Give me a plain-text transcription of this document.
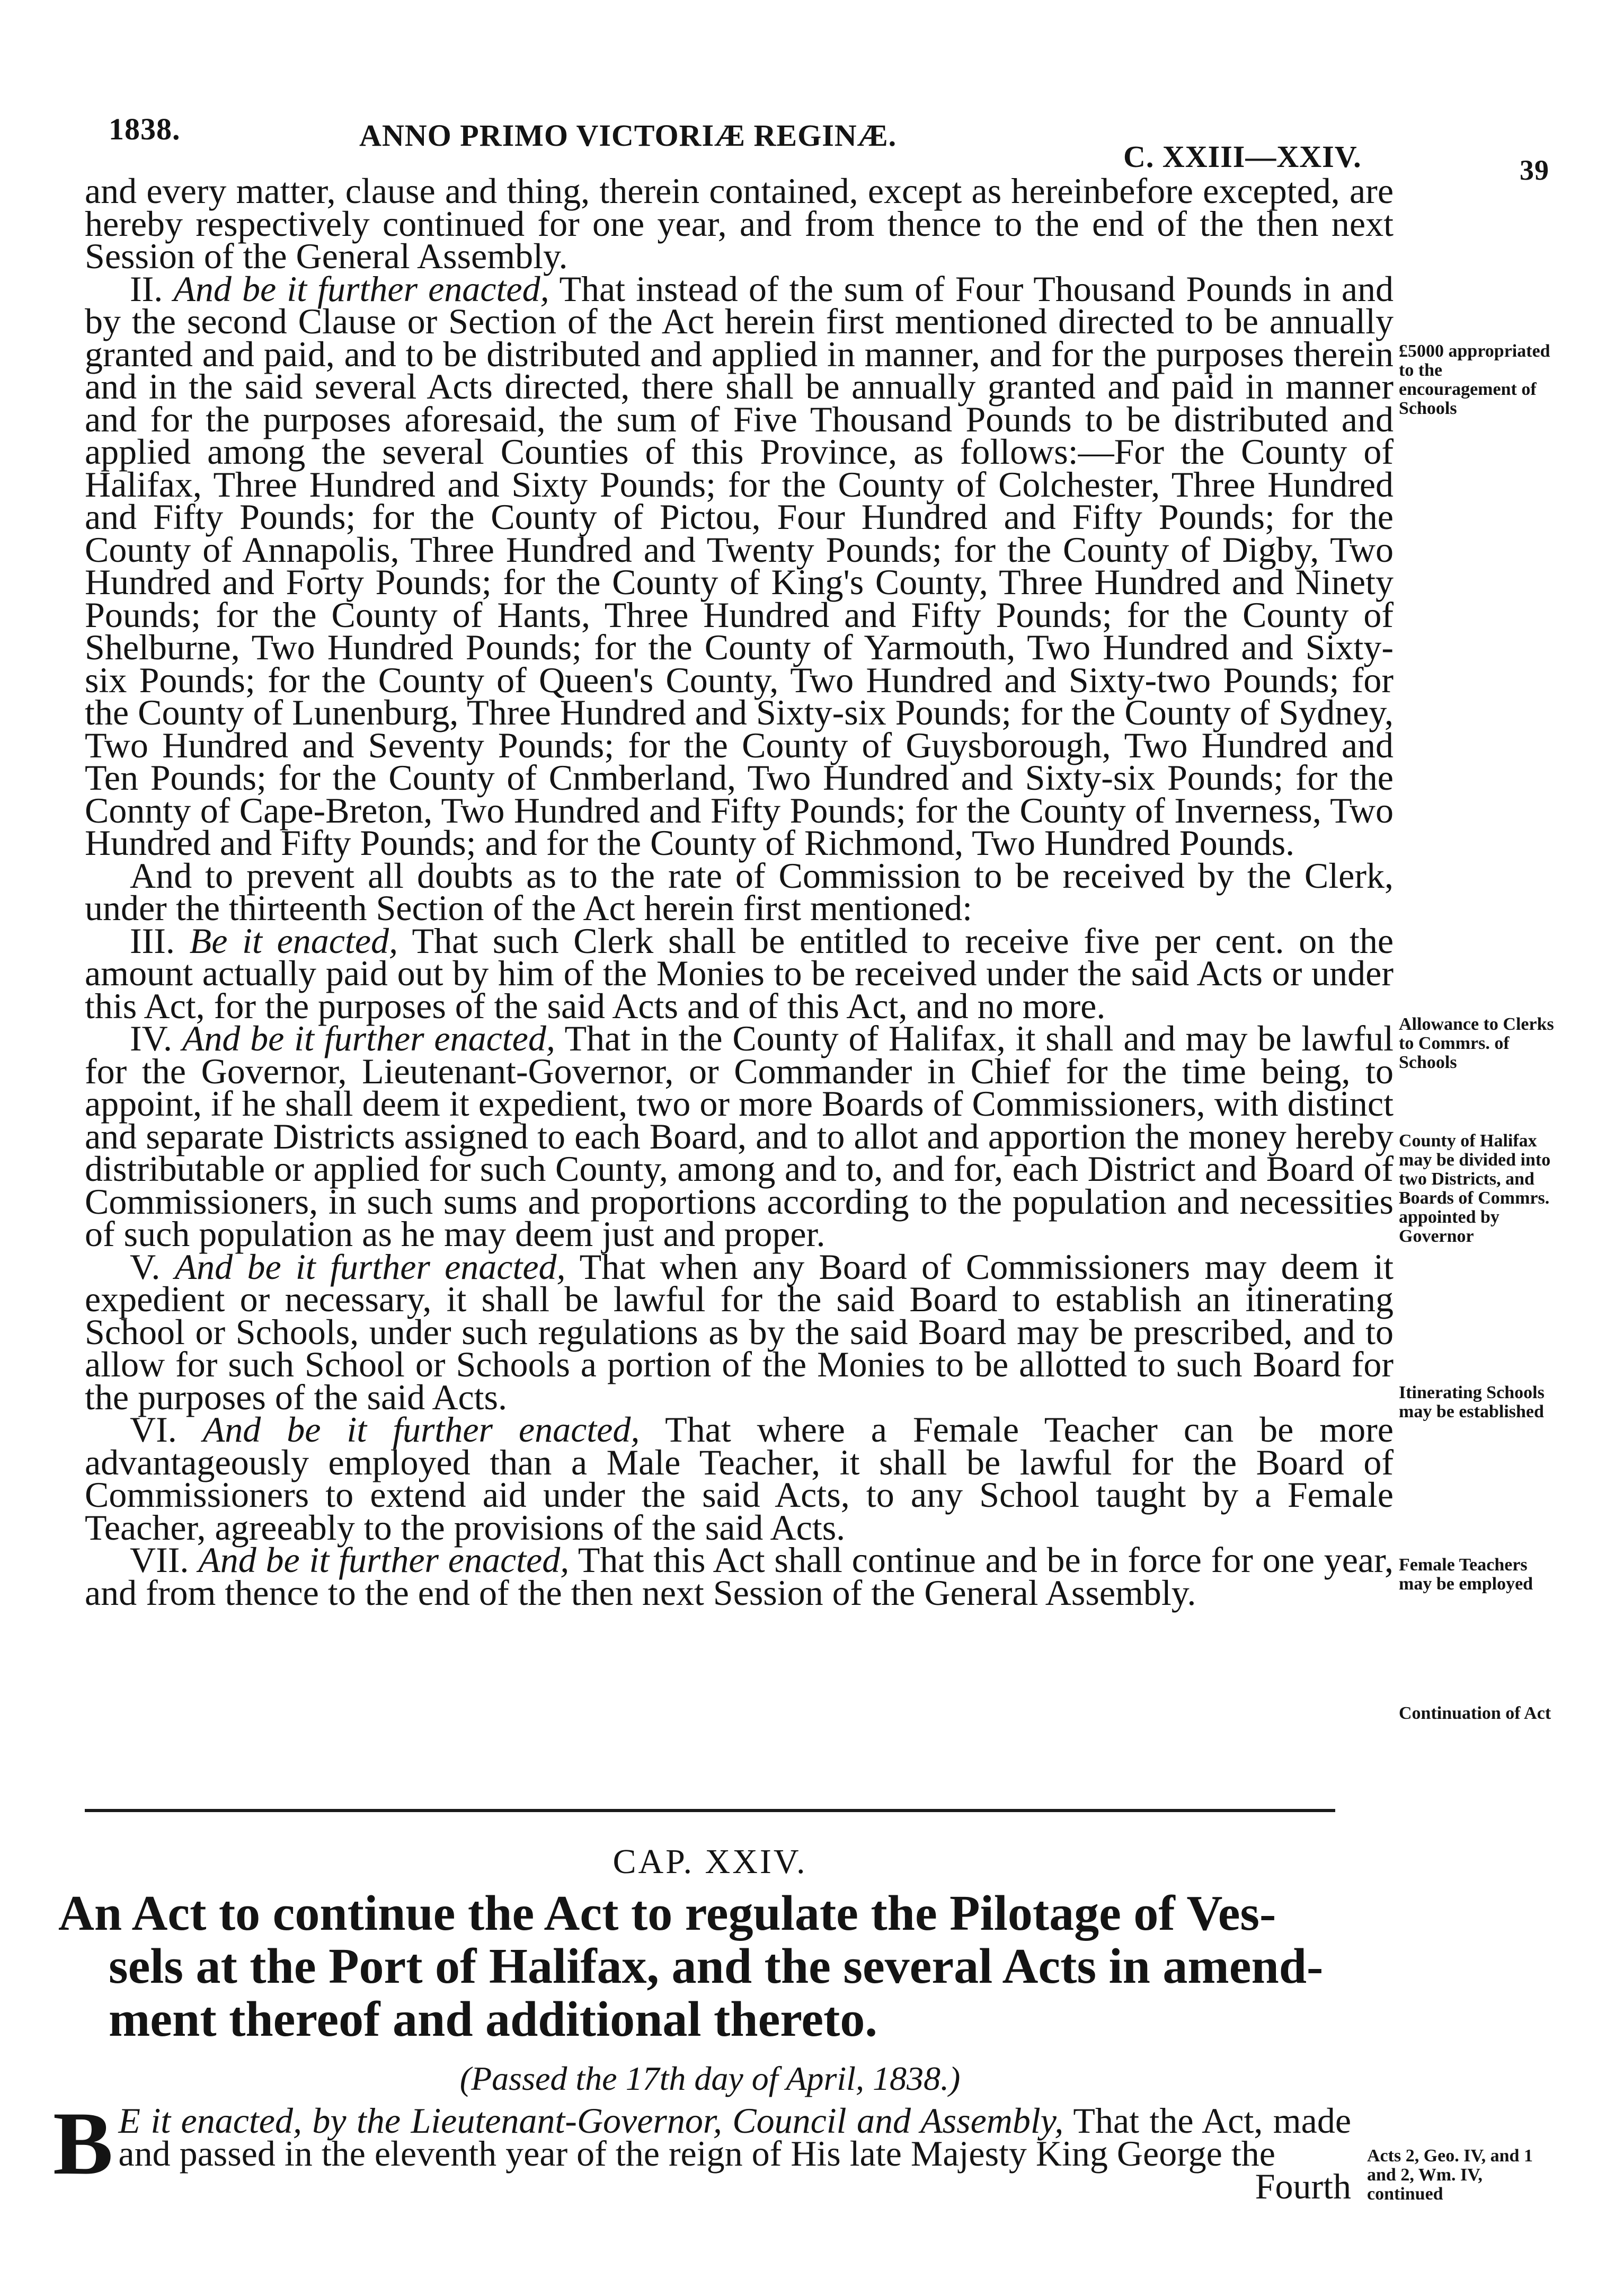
1838.	ANNO PRIMO VICTORIÆ REGINÆ.
C. XXIII—XXIV.	39

and every matter, clause and thing, therein contained, except as hereinbefore excepted, are hereby respectively continued for one year, and from thence to the end of the then next Session of the General Assembly.

II. And be it further enacted, That instead of the sum of Four Thousand Pounds in and by the second Clause or Section of the Act herein first mentioned directed to be annually granted and paid, and to be distributed and applied in manner, and for the purposes therein and in the said several Acts directed, there shall be annually granted and paid in manner and for the purposes aforesaid, the sum of Five Thousand Pounds to be distributed and applied among the several Counties of this Province, as follows:—For the County of Halifax, Three Hundred and Sixty Pounds; for the County of Colchester, Three Hundred and Fifty Pounds; for the County of Pictou, Four Hundred and Fifty Pounds; for the County of Annapolis, Three Hundred and Twenty Pounds; for the County of Digby, Two Hundred and Forty Pounds; for the County of King's County, Three Hundred and Ninety Pounds; for the County of Hants, Three Hundred and Fifty Pounds; for the County of Shelburne, Two Hundred Pounds; for the County of Yarmouth, Two Hundred and Sixty-six Pounds; for the County of Queen's County, Two Hundred and Sixty-two Pounds; for the County of Lunenburg, Three Hundred and Sixty-six Pounds; for the County of Sydney, Two Hundred and Seventy Pounds; for the County of Guysborough, Two Hundred and Ten Pounds; for the County of Cnmberland, Two Hundred and Sixty-six Pounds; for the Connty of Cape-Breton, Two Hundred and Fifty Pounds; for the County of Inverness, Two Hundred and Fifty Pounds; and for the County of Richmond, Two Hundred Pounds.

And to prevent all doubts as to the rate of Commission to be received by the Clerk, under the thirteenth Section of the Act herein first mentioned:

III. Be it enacted, That such Clerk shall be entitled to receive five per cent. on the amount actually paid out by him of the Monies to be received under the said Acts or under this Act, for the purposes of the said Acts and of this Act, and no more.

IV. And be it further enacted, That in the County of Halifax, it shall and may be lawful for the Governor, Lieutenant-Governor, or Commander in Chief for the time being, to appoint, if he shall deem it expedient, two or more Boards of Commissioners, with distinct and separate Districts assigned to each Board, and to allot and apportion the money hereby distributable or applied for such County, among and to, and for, each District and Board of Commissioners, in such sums and proportions according to the population and necessities of such population as he may deem just and proper.

V. And be it further enacted, That when any Board of Commissioners may deem it expedient or necessary, it shall be lawful for the said Board to establish an itinerating School or Schools, under such regulations as by the said Board may be prescribed, and to allow for such School or Schools a portion of the Monies to be allotted to such Board for the purposes of the said Acts.

VI. And be it further enacted, That where a Female Teacher can be more advantageously employed than a Male Teacher, it shall be lawful for the Board of Commissioners to extend aid under the said Acts, to any School taught by a Female Teacher, agreeably to the provisions of the said Acts.

VII. And be it further enacted, That this Act shall continue and be in force for one year, and from thence to the end of the then next Session of the General Assembly.

£5000 appropriated to the encouragement of Schools
Allowance to Clerks to Commrs. of Schools
County of Halifax may be divided into two Districts, and Boards of Commrs. appointed by Governor
Itinerating Schools may be established
Female Teachers may be employed
Continuation of Act
CAP. XXIV.
An Act to continue the Act to regulate the Pilotage of Ves-
sels at the Port of Halifax, and the several Acts in amend-
ment thereof and additional thereto.
(Passed the 17th day of April, 1838.)
B E it enacted, by the Lieutenant-Governor, Council and Assembly, That the Act, made and passed in the eleventh year of the reign of His late Majesty King George the
Fourth
Acts 2, Geo. IV, and 1 and 2, Wm. IV, continued
